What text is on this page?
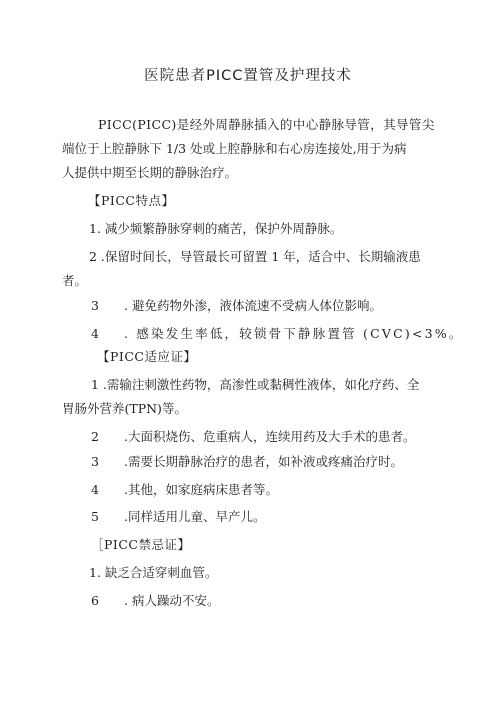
医院患者PICC置管及护理技术
PICC(PICC)是经外周静脉插入的中心静脉导管，其导管尖
端位于上腔静脉下 1/3 处或上腔静脉和右心房连接处,用于为病
人提供中期至长期的静脉治疗。
【PICC特点】
1. 减少频繁静脉穿刺的痛苦，保护外周静脉。
2 .保留时间长，导管最长可留置 1 年，适合中、长期输液患
者。
3 . 避免药物外渗，液体流速不受病人体位影响。
4 . 感染发生率低，较锁骨下静脉置管 (CVC)<3%。
【PICC适应证】
1 .需输注刺激性药物，高渗性或黏稠性液体，如化疗药、全
胃肠外营养(TPN)等。
2 .大面积烧伤、危重病人，连续用药及大手术的患者。
3 .需要长期静脉治疗的患者，如补液或疼痛治疗时。
4 .其他，如家庭病床患者等。
5 .同样适用儿童、早产儿。
［PICC禁忌证】
1. 缺乏合适穿刺血管。
6 . 病人躁动不安。
